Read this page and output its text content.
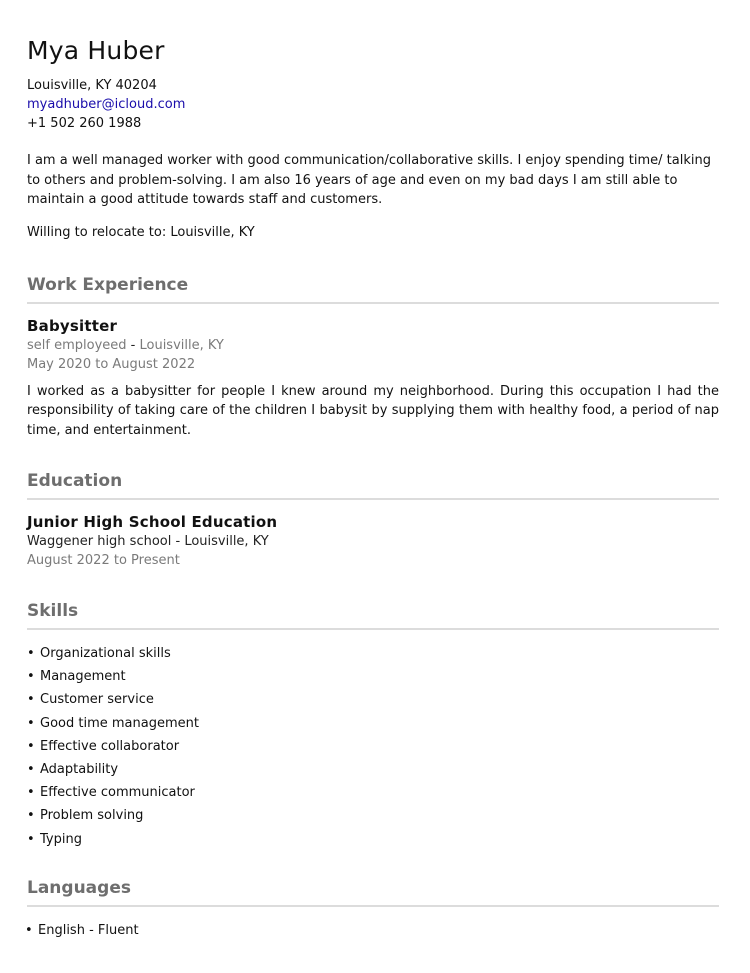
Mya Huber
Louisville, KY 40204
myadhuber@icloud.com
+1 502 260 1988
I am a well managed worker with good communication/collaborative skills. I enjoy spending time/ talking to others and problem-solving. I am also 16 years of age and even on my bad days I am still able to maintain a good attitude towards staff and customers.
Willing to relocate to: Louisville, KY
Work Experience
Babysitter
self employeed - Louisville, KY
May 2020 to August 2022
I worked as a babysitter for people I knew around my neighborhood. During this occupation I had the responsibility of taking care of the children I babysit by supplying them with healthy food, a period of nap time, and entertainment.
Education
Junior High School Education
Waggener high school - Louisville, KY
August 2022 to Present
Skills
• Organizational skills
• Management
• Customer service
• Good time management
• Effective collaborator
• Adaptability
• Effective communicator
• Problem solving
• Typing
Languages
• English - Fluent
